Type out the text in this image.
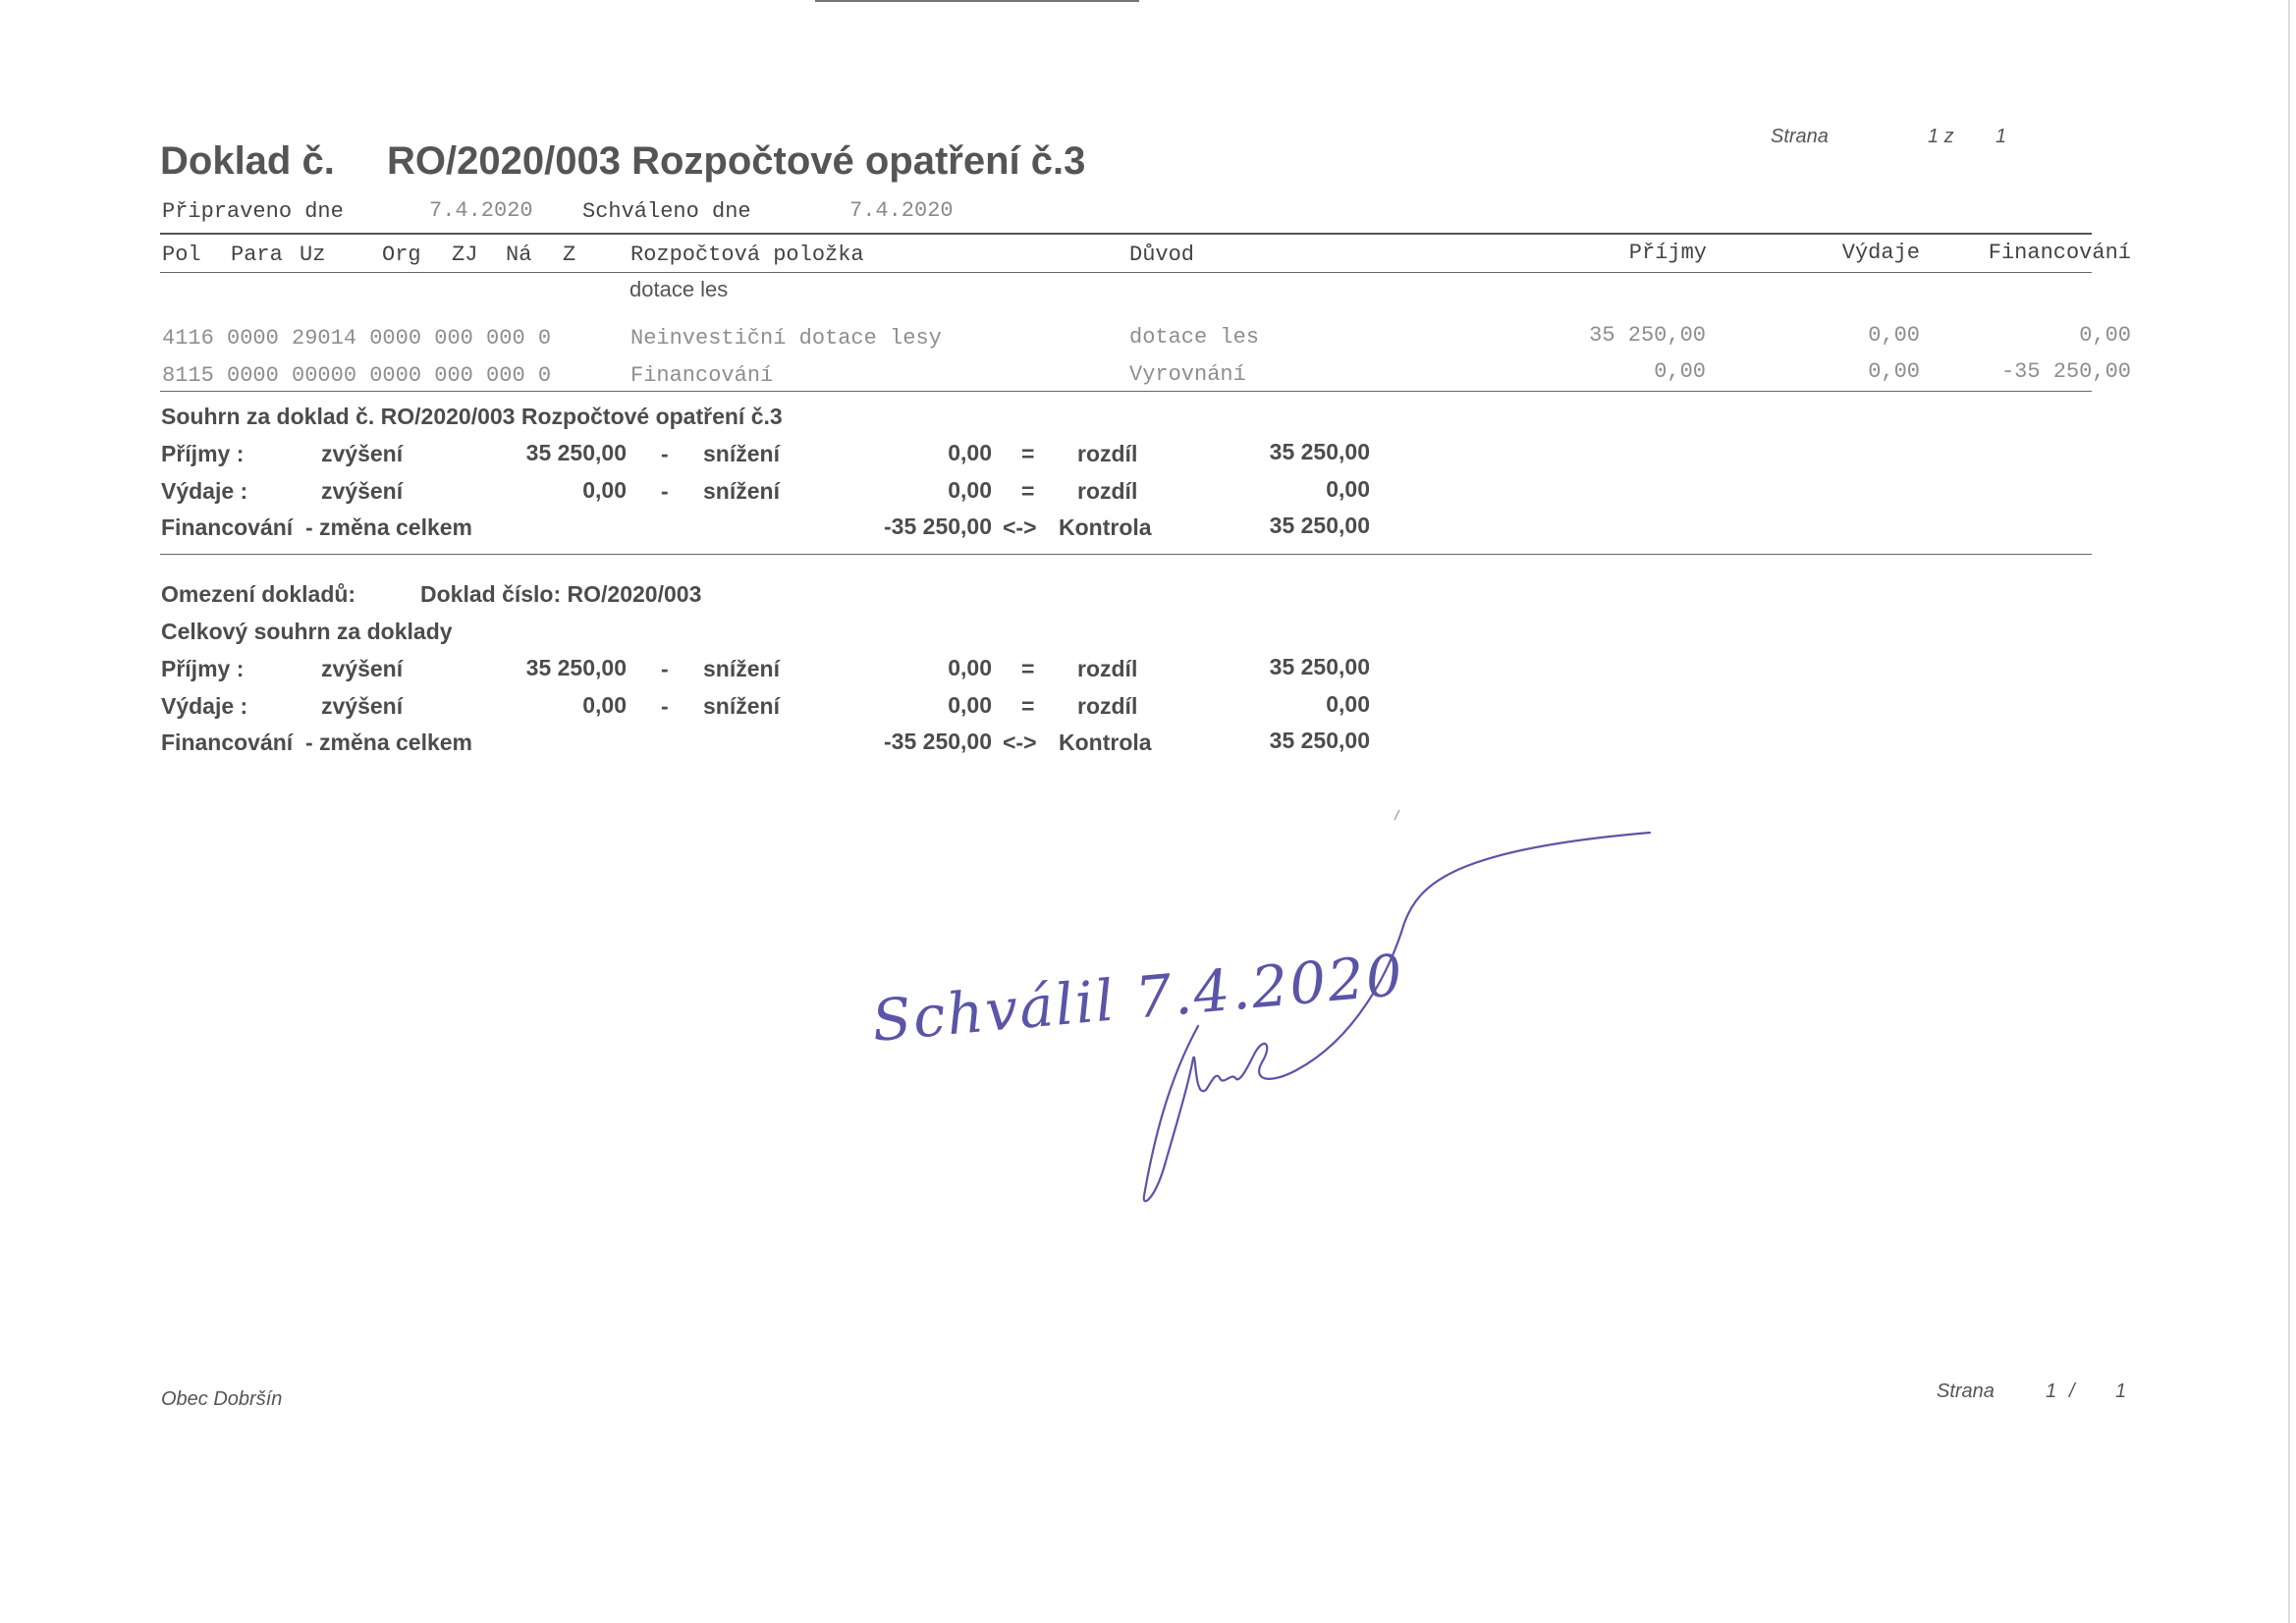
Doklad č. RO/2020/003 Rozpočtové opatření č.3
Strana	1 z 1
Připraveno dne	7.4.2020 Schváleno dne	7.4.2020
Pol Para Uz	Org ZJ Ná Z	Rozpočtová položka	Důvod	Příjmy	Výdaje	Financování
dotace les
4116 0000 29014 0000 000 000 0	Neinvestiční dotace lesy	dotace les	35 250,00	0,00	0,00
8115 0000 00000 0000 000 000 0	Financování	Vyrovnání	0,00	0,00	-35 250,00
Souhrn za doklad č. RO/2020/003 Rozpočtové opatření č.3
Příjmy :	zvýšení	35 250,00 - snížení	0,00 = rozdíl	35 250,00
Výdaje :	zvýšení	0,00 - snížení	0,00 = rozdíl	0,00
Financování  - změna celkem	-35 250,00 <-> Kontrola	35 250,00
Omezení dokladů:	Doklad číslo: RO/2020/003
Celkový souhrn za doklady
Příjmy :	zvýšení	35 250,00 - snížení	0,00 = rozdíl	35 250,00
Výdaje :	zvýšení	0,00 - snížení	0,00 = rozdíl	0,00
Financování  - změna celkem	-35 250,00 <-> Kontrola	35 250,00
Schválil 7.4.2020
Obec Dobršín	Strana	1 / 1
